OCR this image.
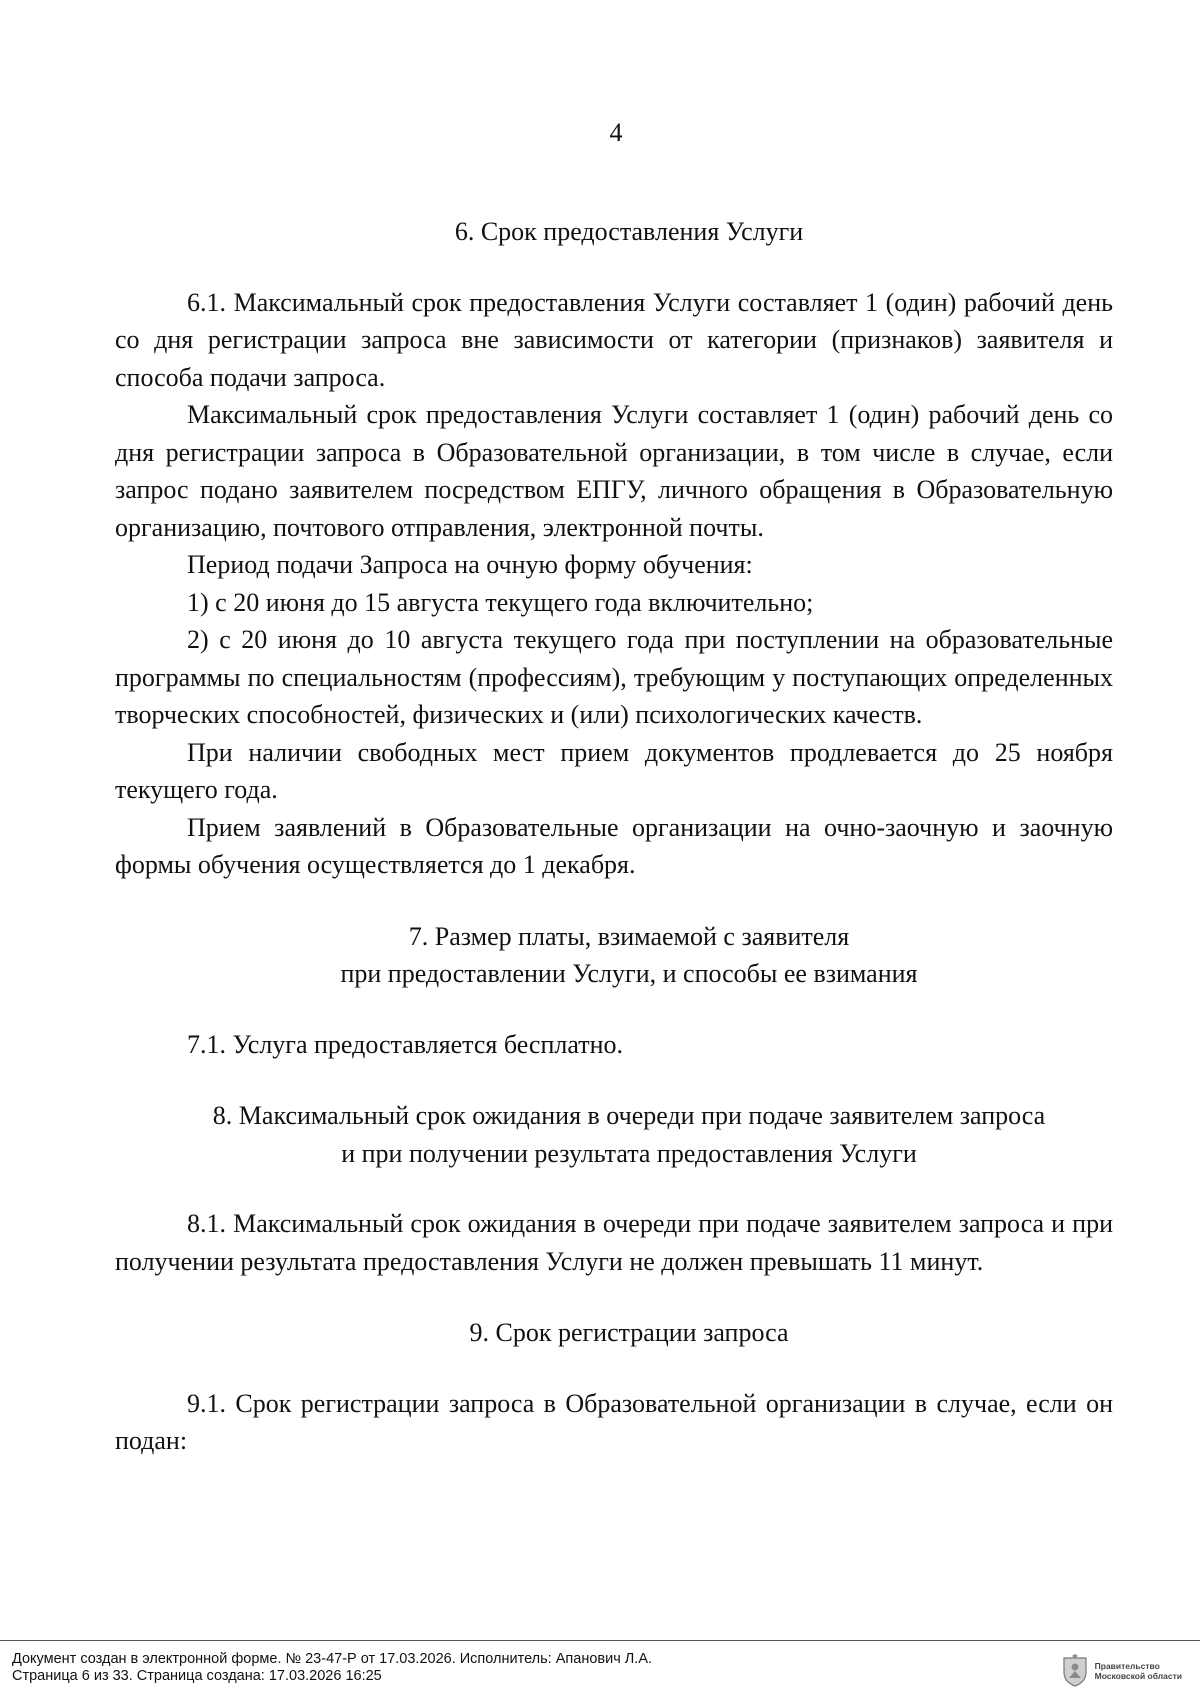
4
6. Срок предоставления Услуги

6.1. Максимальный срок предоставления Услуги составляет 1 (один) рабочий день со дня регистрации запроса вне зависимости от категории (признаков) заявителя и способа подачи запроса.

Максимальный срок предоставления Услуги составляет 1 (один) рабочий день со дня регистрации запроса в Образовательной организации, в том числе в случае, если запрос подано заявителем посредством ЕПГУ, личного обращения в Образовательную организацию, почтового отправления, электронной почты.

Период подачи Запроса на очную форму обучения:

1) с 20 июня до 15 августа текущего года включительно;

2) с 20 июня до 10 августа текущего года при поступлении на образовательные программы по специальностям (профессиям), требующим у поступающих определенных творческих способностей, физических и (или) психологических качеств.

При наличии свободных мест прием документов продлевается до 25 ноября текущего года.

Прием заявлений в Образовательные организации на очно-заочную и заочную формы обучения осуществляется до 1 декабря.

7. Размер платы, взимаемой с заявителя
при предоставлении Услуги, и способы ее взимания

7.1. Услуга предоставляется бесплатно.

8. Максимальный срок ожидания в очереди при подаче заявителем запроса
и при получении результата предоставления Услуги

8.1. Максимальный срок ожидания в очереди при подаче заявителем запроса и при получении результата предоставления Услуги не должен превышать 11 минут.

9. Срок регистрации запроса

9.1. Срок регистрации запроса в Образовательной организации в случае, если он подан:

Документ создан в электронной форме. № 23-47-Р от 17.03.2026. Исполнитель: Апанович Л.А.
Страница 6 из 33. Страница создана: 17.03.2026 16:25
Правительство
Московской области
